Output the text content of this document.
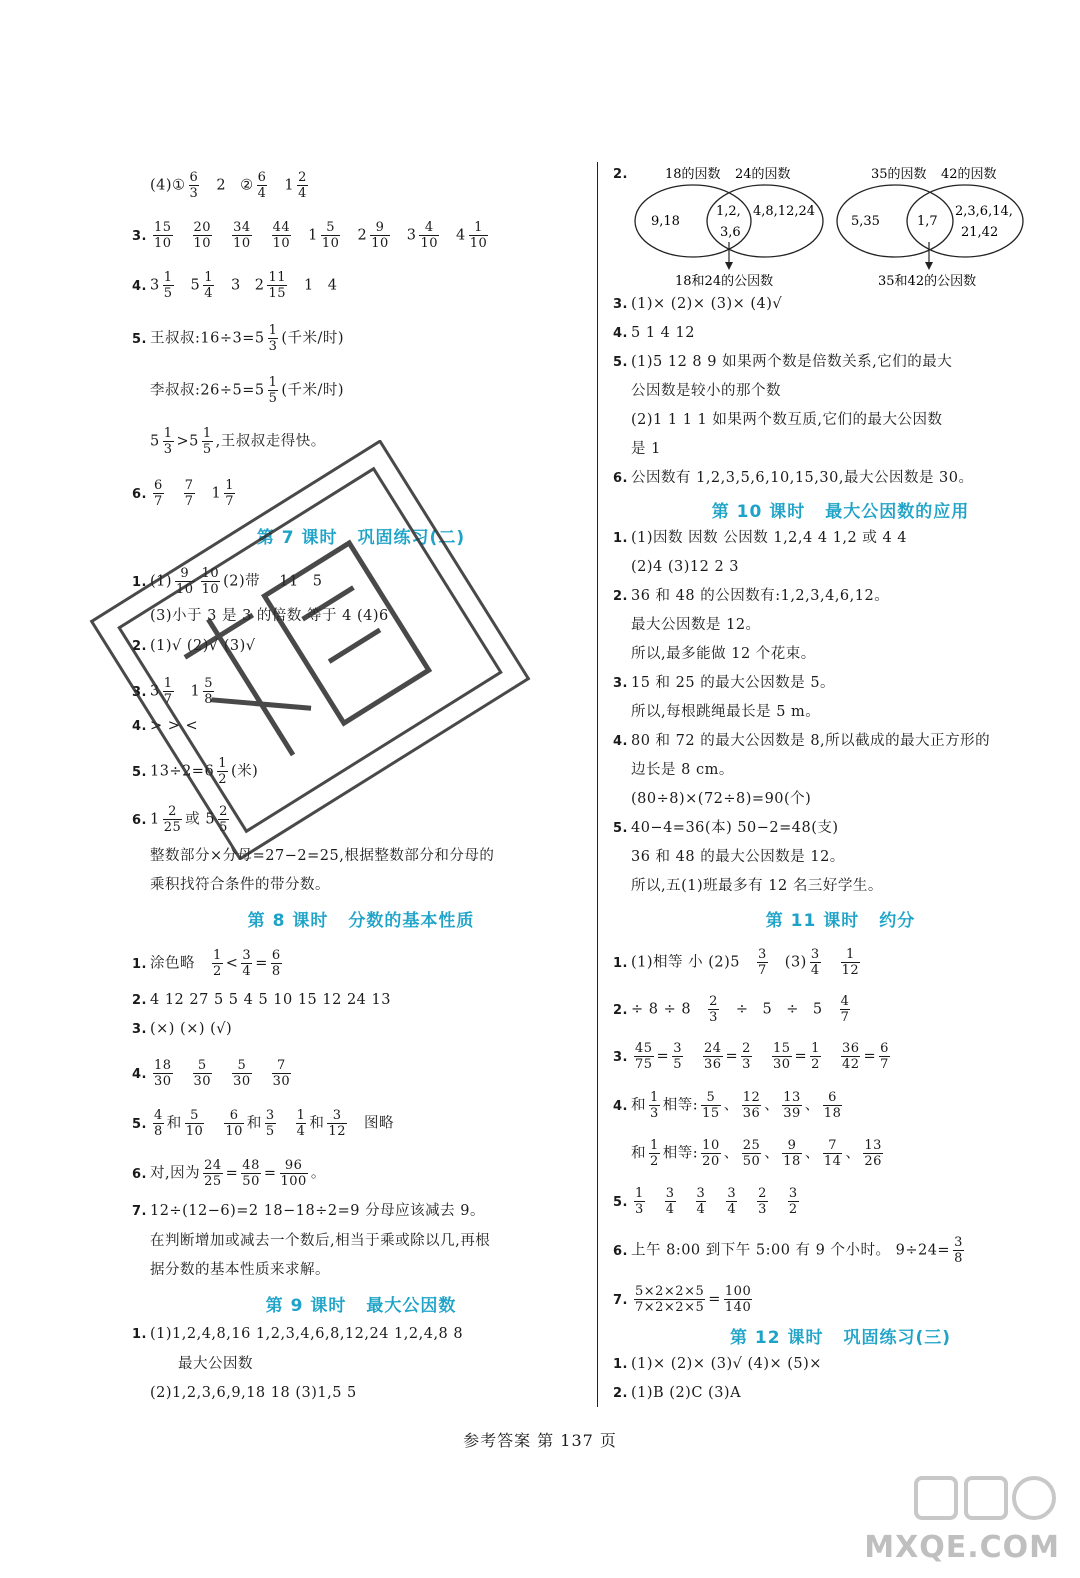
(4)① $\frac{6}{3} 2$ ② $\frac{6}{4} 1 \frac{2}{4}$
3. $\frac{15}{10} \frac{20}{10} \frac{34}{10} \frac{44}{10} 1 \frac{5}{10} 2 \frac{9}{10} 3 \frac{4}{10} 4 \frac{1}{10}$
4. $3 \frac{1}{5} 5 \frac{1}{4} 3$ $2 \frac{11}{15} 1$ 4
5. 王叔叔:16÷3=5 $\frac{1}{3}$ (千米/时)
李叔叔:26÷5=5 $\frac{1}{5}$ (千米/时)
$5 \frac{1}{3} >5 \frac{1}{5}$ ,王叔叔走得快。
6. $\frac{6}{7} \frac{7}{7} 1 \frac{1}{7}$
第 7 课时 巩固练习(二)
1. $(1) \frac{9}{10} \frac{10}{10} (2)$带 11 5
(3)小于 3 是 3 的倍数 等于 4 (4)6
2. (1)√ (2)√ (3)√
3. $3 \frac{1}{7} 1 \frac{5}{8}$
4. > > <
5. $13\div 2=6 \frac{1}{2}$ (米)
6. $1 \frac{2}{25}$ 或 $5 \frac{2}{5}$
整数部分×分母=27−2=25,根据整数部分和分母的
乘积找符合条件的带分数。
第 8 课时 分数的基本性质
1. 涂色略 $\frac{1}{2} < \frac{3}{4} = \frac{6}{8}$
2. 4 12 27 5 5 4 5 10 15 12 24 13
3. (×) (×) (√)
4. $\frac{18}{30} \frac{5}{30} \frac{5}{30} \frac{7}{30}$
5. $\frac{4}{8}$ 和 $\frac{5}{10} \frac{6}{10}$ 和 $\frac{3}{5} \frac{1}{4}$ 和 $\frac{3}{12}$ 图略
6. 对,因为 $\frac{24}{25} = \frac{48}{50} = \frac{96}{100}$ 。
7. 12÷(12−6)=2 18−18÷2=9 分母应该减去 9。
在判断增加或减去一个数后,相当于乘或除以几,再根
据分数的基本性质来求解。
第 9 课时 最大公因数
1. (1)1,2,4,8,16 1,2,3,4,6,8,12,24 1,2,4,8 8
最大公因数
(2)1,2,3,6,9,18 18 (3)1,5 5
2.	18的因数 24的因数
9,18
1,2,
3,6
4,8,12,24
18和24的公因数
35的因数 42的因数
5,35	1,7
2,3,6,14,
21,42
35和42的公因数
3. (1)× (2)× (3)× (4)√
4. 5 1 4 12
5. (1)5 12 8 9 如果两个数是倍数关系,它们的最大
公因数是较小的那个数
(2)1 1 1 1 如果两个数互质,它们的最大公因数
是 1
6. 公因数有 1,2,3,5,6,10,15,30,最大公因数是 30。
第 10 课时 最大公因数的应用
1. (1)因数 因数 公因数 1,2,4 4 1,2 或 4 4
(2)4 (3)12 2 3
2. 36 和 48 的公因数有:1,2,3,4,6,12。
最大公因数是 12。
所以,最多能做 12 个花束。
3. 15 和 25 的最大公因数是 5。
所以,每根跳绳最长是 5 m。
4. 80 和 72 的最大公因数是 8,所以截成的最大正方形的
边长是 8 cm。
(80÷8)×(72÷8)=90(个)
5. 40−4=36(本) 50−2=48(支)
36 和 48 的最大公因数是 12。
所以,五(1)班最多有 12 名三好学生。
第 11 课时 约分
1. (1)相等 小 $(2)5 \frac{3}{7} (3) \frac{3}{4} \frac{1}{12}$
2. ÷ $8 \div 8 \frac{2}{3} \div 5 \div 5 \frac{4}{7}$
3. $\frac{45}{75} = \frac{3}{5} \frac{24}{36} = \frac{2}{3} \frac{15}{30} = \frac{1}{2} \frac{36}{42} = \frac{6}{7}$
4. 和 $\frac{1}{3}$ 相等: $\frac{5}{15}$ 、 $\frac{12}{36}$ 、 $\frac{13}{39}$ 、 $\frac{6}{18}$
和 $\frac{1}{2}$ 相等: $\frac{10}{20}$ 、 $\frac{25}{50}$ 、 $\frac{9}{18}$ 、 $\frac{7}{14}$ 、 $\frac{13}{26}$
5. $\frac{1}{3} \frac{3}{4} \frac{3}{4} \frac{3}{4} \frac{2}{3} \frac{3}{2}$
6. 上午 8:00 到下午 5:00 有 9 个小时。 $9\div 24= \frac{3}{8}$
7. $\frac{5\times 2\times 2\times 5}{7\times 2\times 2\times 5} = \frac{100}{140}$
第 12 课时 巩固练习(三)
1. (1)× (2)× (3)√ (4)× (5)×
2. (1)B (2)C (3)A
参考答案 第 137 页
MXQE.COM
